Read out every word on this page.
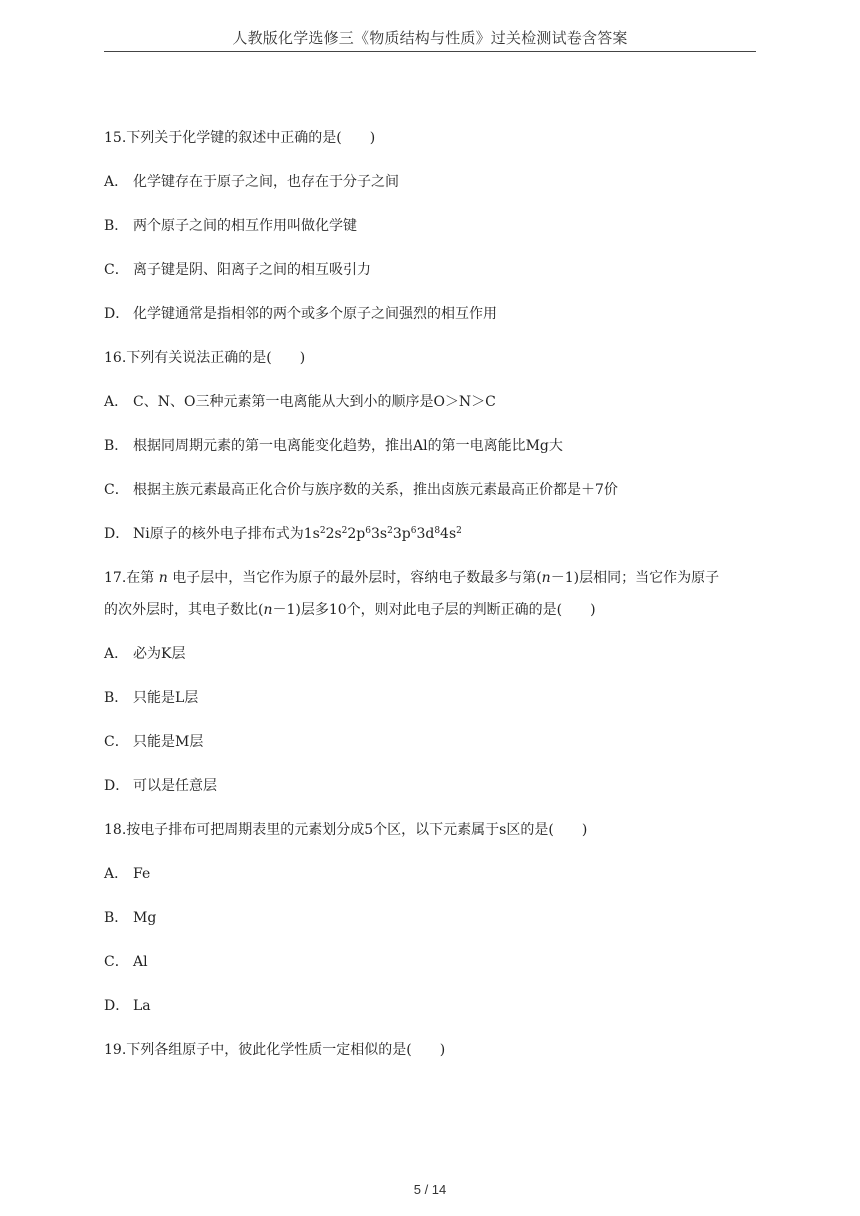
人教版化学选修三《物质结构与性质》过关检测试卷含答案
15.下列关于化学键的叙述中正确的是(　　)
A． 化学键存在于原子之间，也存在于分子之间
B． 两个原子之间的相互作用叫做化学键
C． 离子键是阴、阳离子之间的相互吸引力
D． 化学键通常是指相邻的两个或多个原子之间强烈的相互作用
16.下列有关说法正确的是(　　)
A． C、N、O三种元素第一电离能从大到小的顺序是O＞N＞C
B． 根据同周期元素的第一电离能变化趋势，推出Al的第一电离能比Mg大
C． 根据主族元素最高正化合价与族序数的关系，推出卤族元素最高正价都是＋7价
D． Ni原子的核外电子排布式为$1s^22s^22p^63s^23p^63d^84s^2$
17.在第 n 电子层中，当它作为原子的最外层时，容纳电子数最多与第(n－1)层相同；当它作为原子
的次外层时，其电子数比(n－1)层多10个，则对此电子层的判断正确的是(　　)
A． 必为K层
B． 只能是L层
C． 只能是M层
D． 可以是任意层
18.按电子排布可把周期表里的元素划分成5个区，以下元素属于s区的是(　　)
A． Fe
B． Mg
C． Al
D． La
19.下列各组原子中，彼此化学性质一定相似的是(　　)
5 / 14
